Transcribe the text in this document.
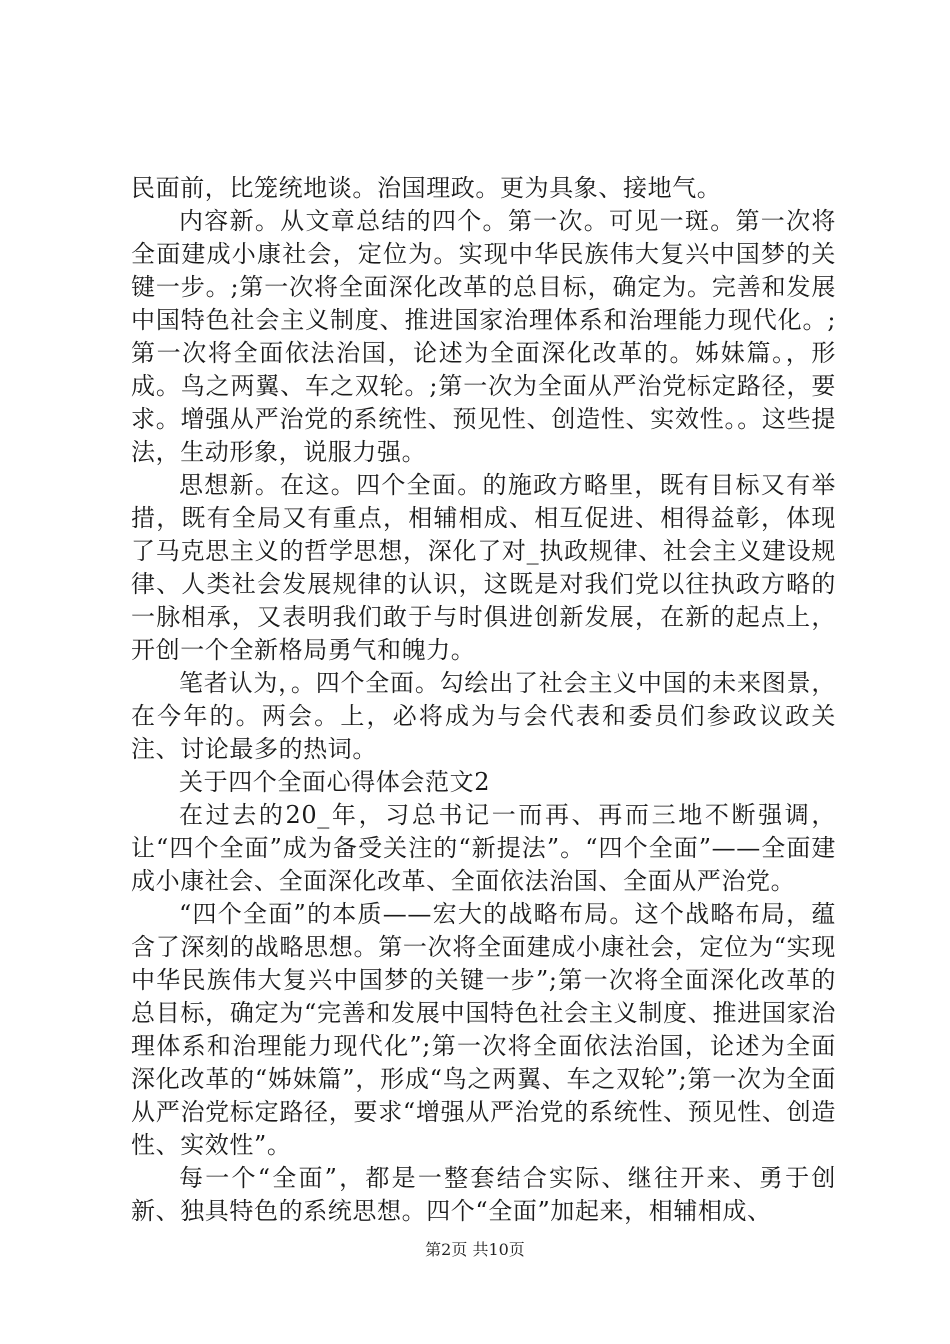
民面前，比笼统地谈。治国理政。更为具象、接地气。

内容新。从文章总结的四个。第一次。可见一斑。第一次将全面建成小康社会，定位为。实现中华民族伟大复兴中国梦的关键一步。;第一次将全面深化改革的总目标，确定为。完善和发展中国特色社会主义制度、推进国家治理体系和治理能力现代化。;第一次将全面依法治国，论述为全面深化改革的。姊妹篇。，形成。鸟之两翼、车之双轮。;第一次为全面从严治党标定路径，要求。增强从严治党的系统性、预见性、创造性、实效性。。这些提法，生动形象，说服力强。

思想新。在这。四个全面。的施政方略里，既有目标又有举措，既有全局又有重点，相辅相成、相互促进、相得益彰，体现了马克思主义的哲学思想，深化了对_执政规律、社会主义建设规律、人类社会发展规律的认识，这既是对我们党以往执政方略的一脉相承，又表明我们敢于与时俱进创新发展，在新的起点上，开创一个全新格局勇气和魄力。

笔者认为，。四个全面。勾绘出了社会主义中国的未来图景，在今年的。两会。上，必将成为与会代表和委员们参政议政关注、讨论最多的热词。

关于四个全面心得体会范文2

在过去的20_年，习总书记一而再、再而三地不断强调，让“四个全面”成为备受关注的“新提法”。“四个全面”——全面建成小康社会、全面深化改革、全面依法治国、全面从严治党。

“四个全面”的本质——宏大的战略布局。这个战略布局，蕴含了深刻的战略思想。第一次将全面建成小康社会，定位为“实现中华民族伟大复兴中国梦的关键一步”;第一次将全面深化改革的总目标，确定为“完善和发展中国特色社会主义制度、推进国家治理体系和治理能力现代化”;第一次将全面依法治国，论述为全面深化改革的“姊妹篇”，形成“鸟之两翼、车之双轮”;第一次为全面从严治党标定路径，要求“增强从严治党的系统性、预见性、创造性、实效性”。

每一个“全面”，都是一整套结合实际、继往开来、勇于创新、独具特色的系统思想。四个“全面”加起来，相辅相成、

第2页 共10页
